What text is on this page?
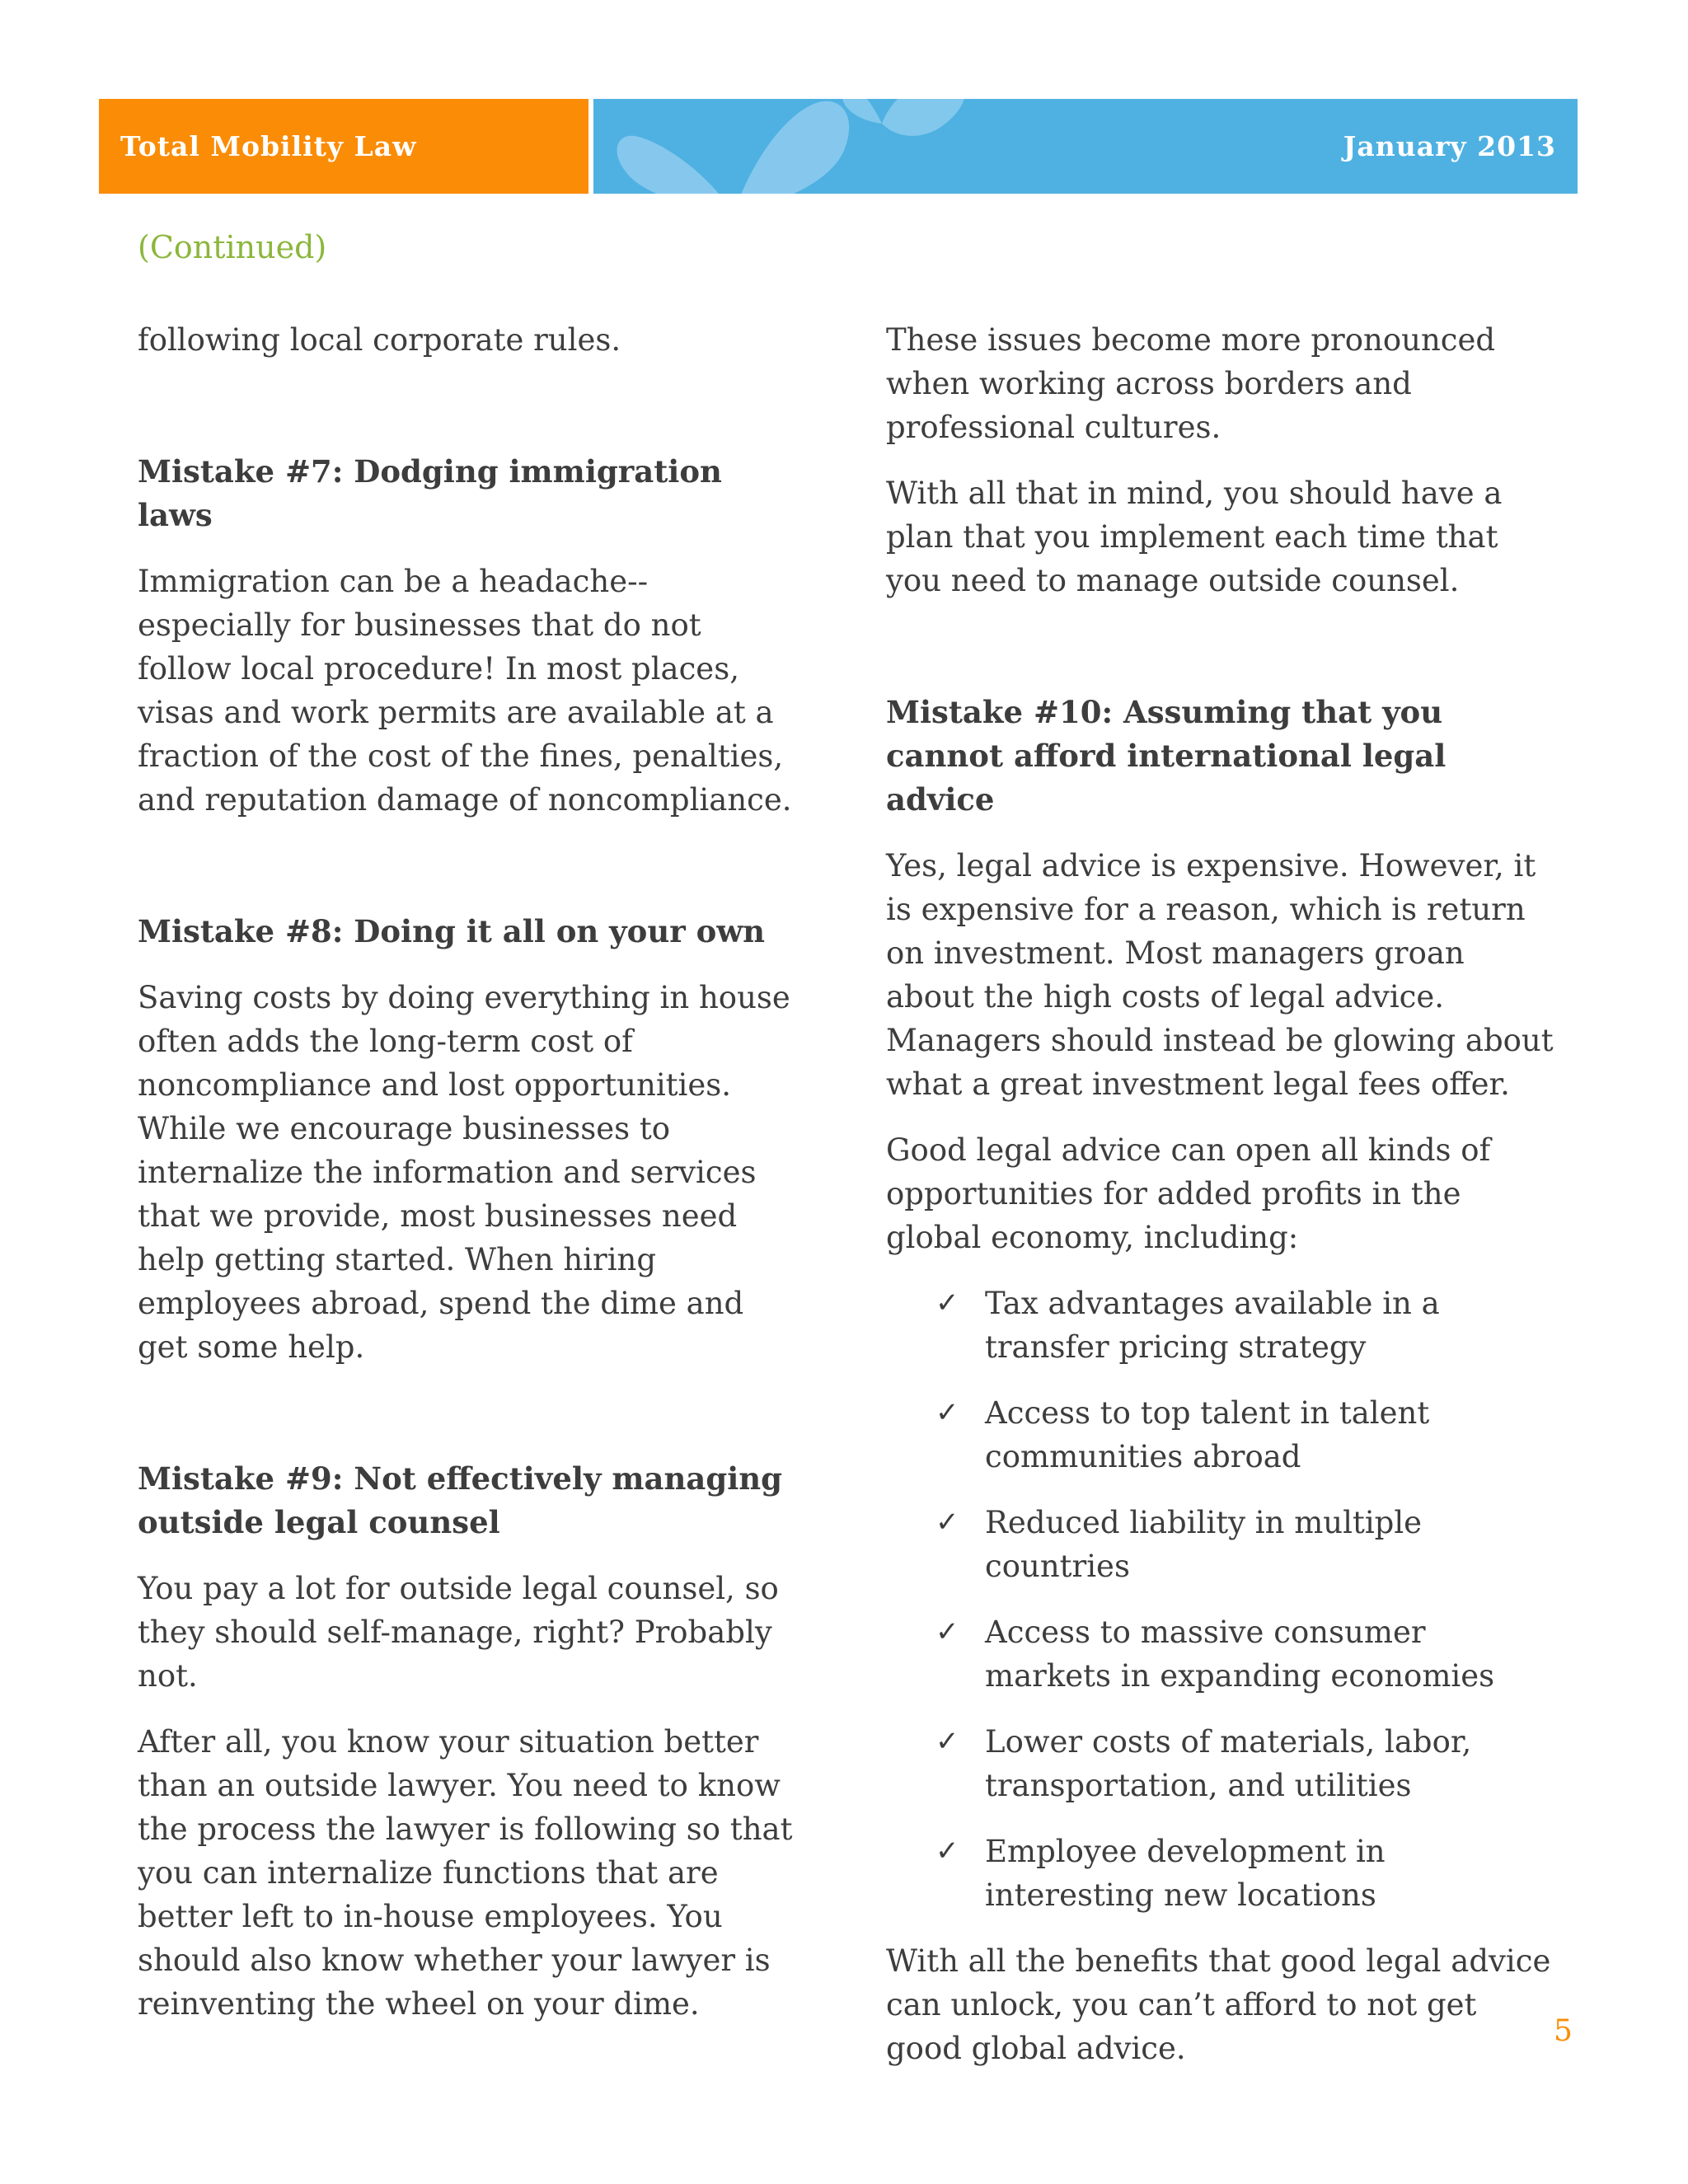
Total Mobility Law	January 2013
(Continued)

following local corporate rules.

Mistake #7: Dodging immigration laws

Immigration can be a headache--especially for businesses that do not follow local procedure! In most places, visas and work permits are available at a fraction of the cost of the fines, penalties, and reputation damage of noncompliance.

Mistake #8: Doing it all on your own

Saving costs by doing everything in house often adds the long-term cost of noncompliance and lost opportunities. While we encourage businesses to internalize the information and services that we provide, most businesses need help getting started. When hiring employees abroad, spend the dime and get some help.

Mistake #9: Not effectively managing outside legal counsel

You pay a lot for outside legal counsel, so they should self-manage, right? Probably not.

After all, you know your situation better than an outside lawyer. You need to know the process the lawyer is following so that you can internalize functions that are better left to in-house employees. You should also know whether your lawyer is reinventing the wheel on your dime.

These issues become more pronounced when working across borders and professional cultures.

With all that in mind, you should have a plan that you implement each time that you need to manage outside counsel.

Mistake #10: Assuming that you cannot afford international legal advice

Yes, legal advice is expensive. However, it is expensive for a reason, which is return on investment. Most managers groan about the high costs of legal advice. Managers should instead be glowing about what a great investment legal fees offer.

Good legal advice can open all kinds of opportunities for added profits in the global economy, including:

✓ Tax advantages available in a transfer pricing strategy
✓ Access to top talent in talent communities abroad
✓ Reduced liability in multiple countries
✓ Access to massive consumer markets in expanding economies
✓ Lower costs of materials, labor, transportation, and utilities
✓ Employee development in interesting new locations

With all the benefits that good legal advice can unlock, you can’t afford to not get good global advice.	5
